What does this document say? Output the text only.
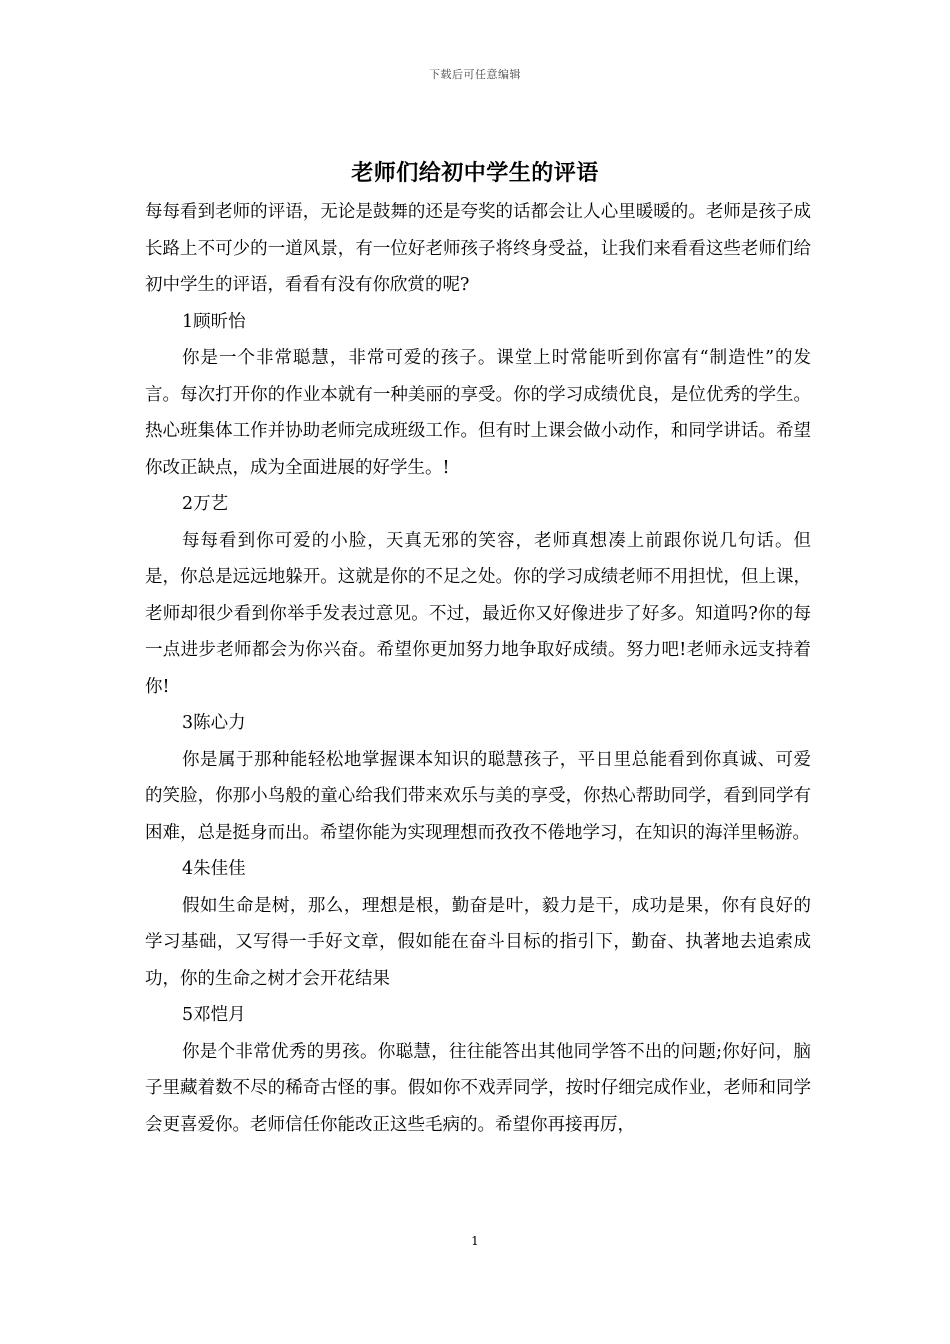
下载后可任意编辑
老师们给初中学生的评语

每每看到老师的评语，无论是鼓舞的还是夸奖的话都会让人心里暖暖的。老师是孩子成长路上不可少的一道风景，有一位好老师孩子将终身受益，让我们来看看这些老师们给初中学生的评语，看看有没有你欣赏的呢?

1顾昕怡

你是一个非常聪慧，非常可爱的孩子。课堂上时常能听到你富有“制造性”的发言。每次打开你的作业本就有一种美丽的享受。你的学习成绩优良，是位优秀的学生。热心班集体工作并协助老师完成班级工作。但有时上课会做小动作，和同学讲话。希望你改正缺点，成为全面进展的好学生。!

2万艺

每每看到你可爱的小脸，天真无邪的笑容，老师真想凑上前跟你说几句话。但是，你总是远远地躲开。这就是你的不足之处。你的学习成绩老师不用担忧，但上课，老师却很少看到你举手发表过意见。不过，最近你又好像进步了好多。知道吗?你的每一点进步老师都会为你兴奋。希望你更加努力地争取好成绩。努力吧!老师永远支持着你!

3陈心力

你是属于那种能轻松地掌握课本知识的聪慧孩子，平日里总能看到你真诚、可爱的笑脸，你那小鸟般的童心给我们带来欢乐与美的享受，你热心帮助同学，看到同学有困难，总是挺身而出。希望你能为实现理想而孜孜不倦地学习，在知识的海洋里畅游。

4朱佳佳

假如生命是树，那么，理想是根，勤奋是叶，毅力是干，成功是果，你有良好的学习基础，又写得一手好文章，假如能在奋斗目标的指引下，勤奋、执著地去追索成功，你的生命之树才会开花结果

5邓恺月

你是个非常优秀的男孩。你聪慧，往往能答出其他同学答不出的问题;你好问，脑子里藏着数不尽的稀奇古怪的事。假如你不戏弄同学，按时仔细完成作业，老师和同学会更喜爱你。老师信任你能改正这些毛病的。希望你再接再厉，

1
